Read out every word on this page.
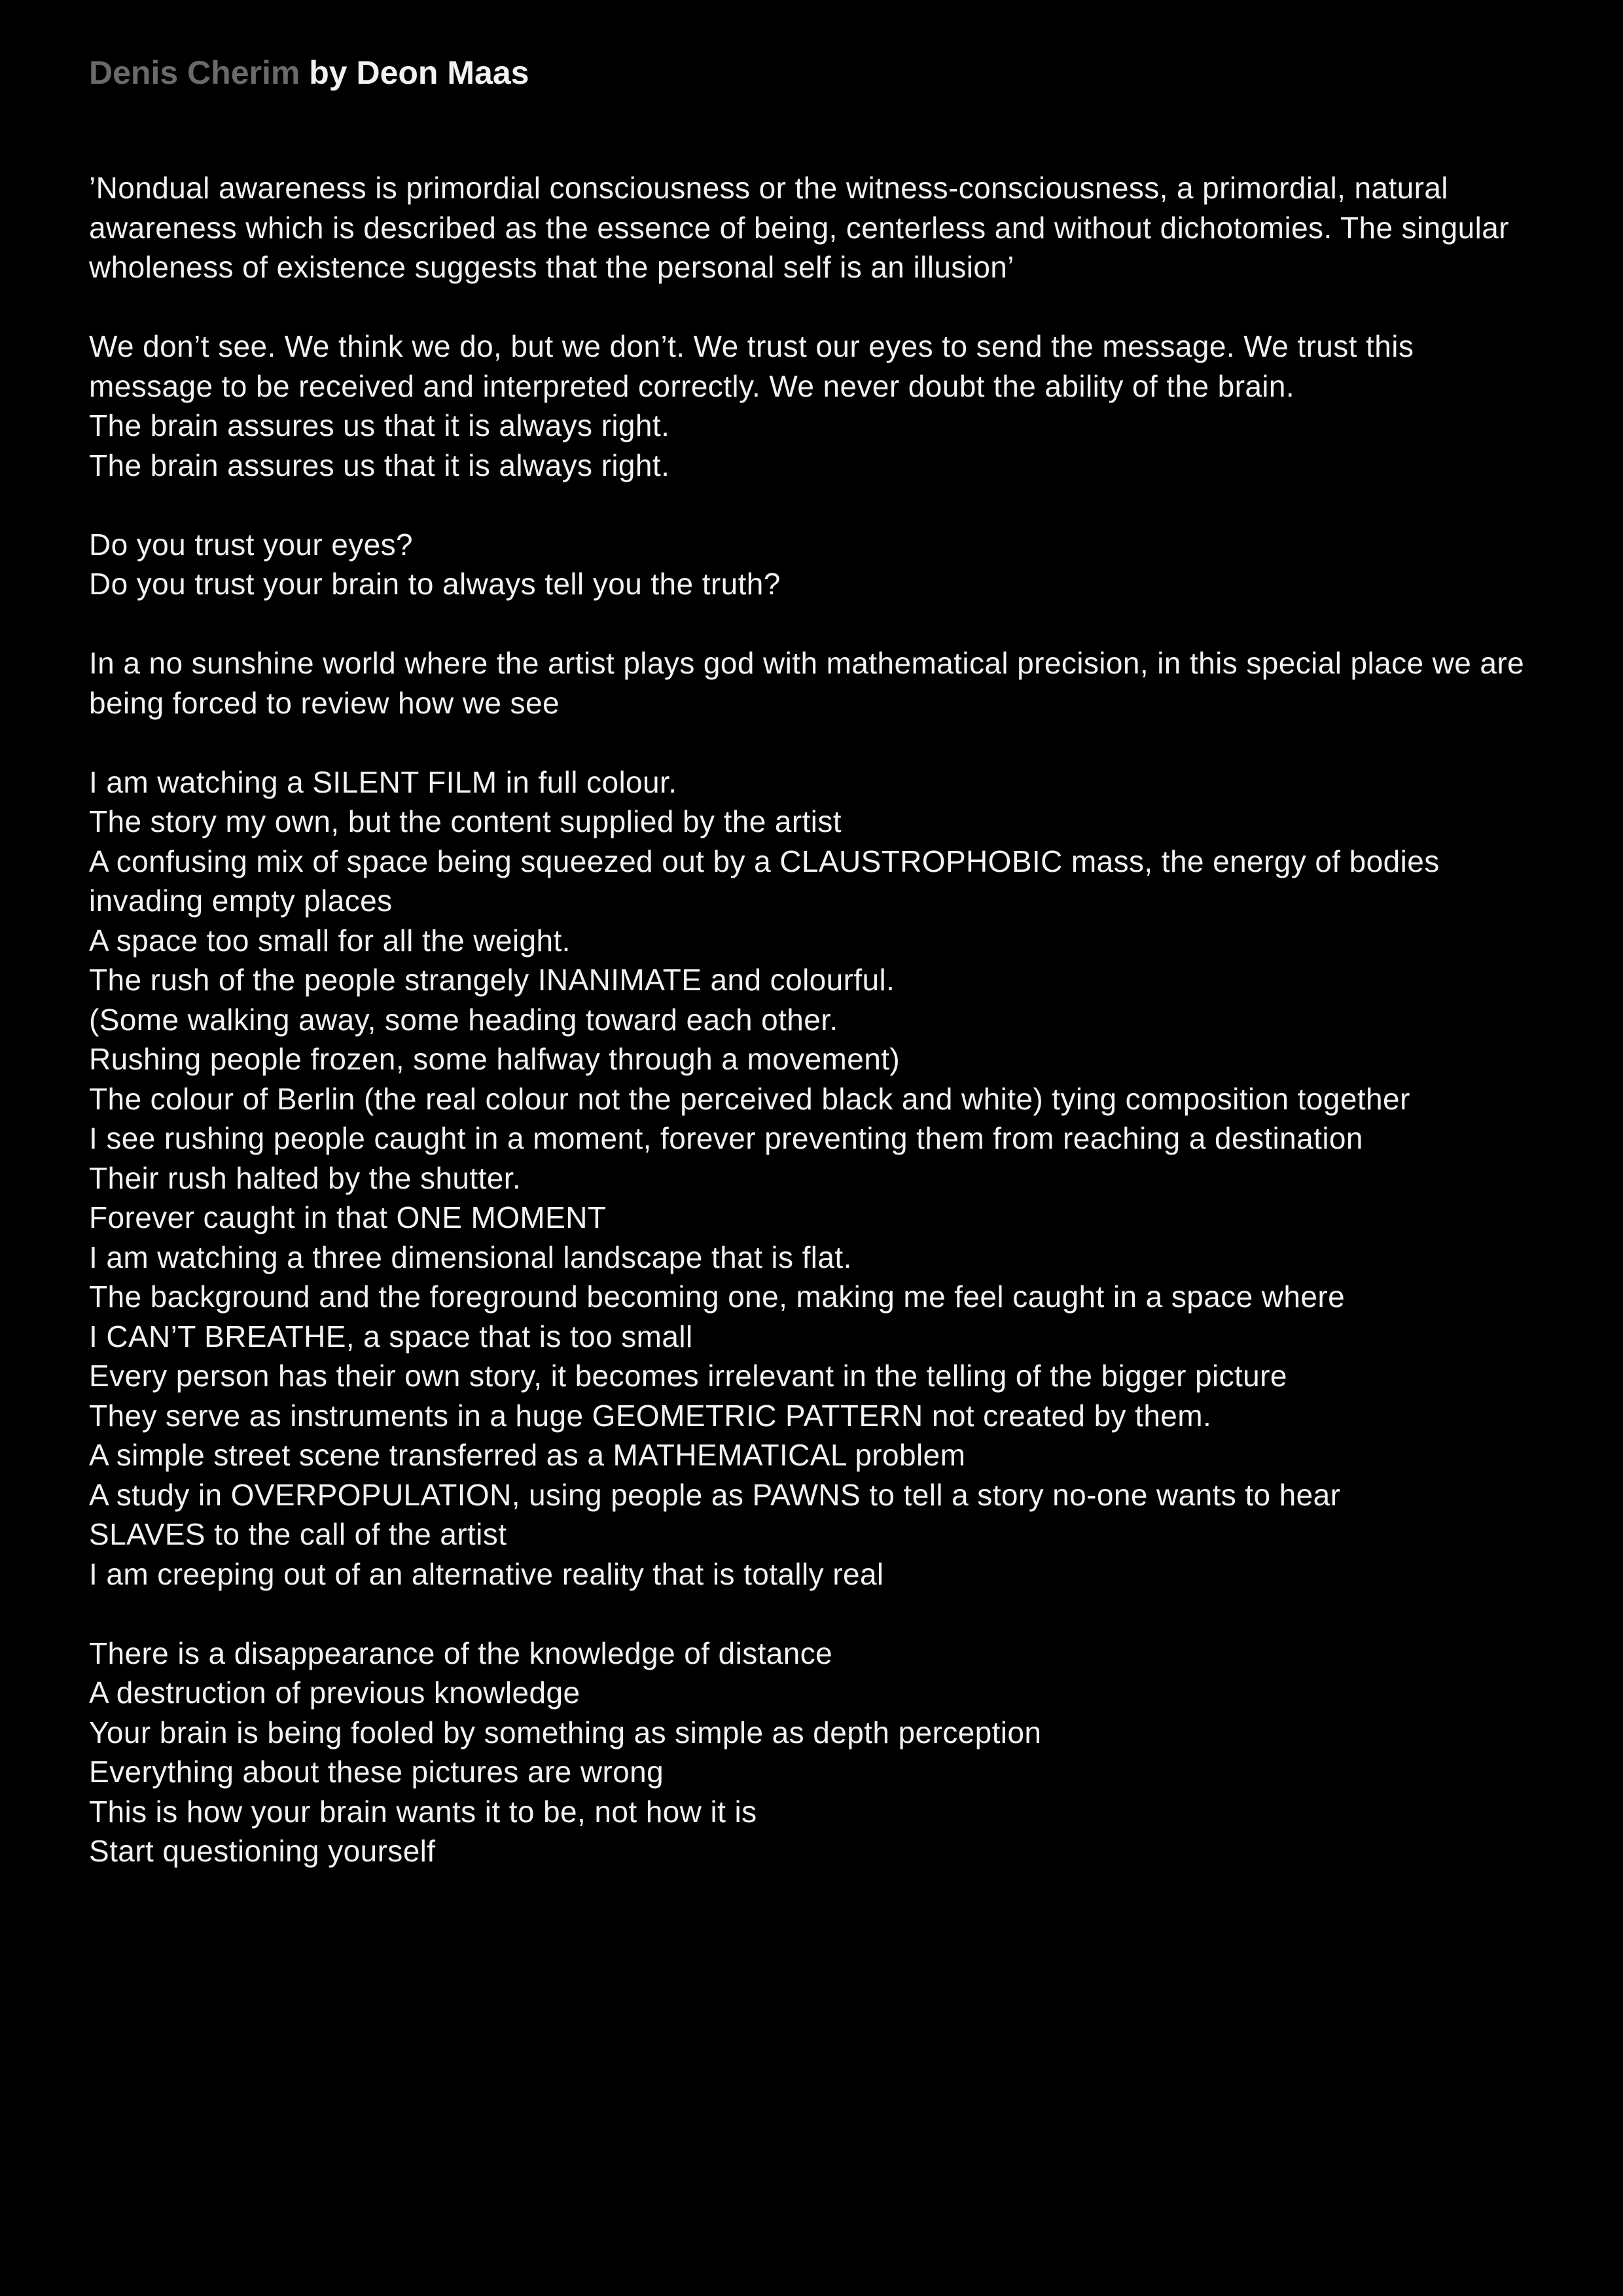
Denis Cherim by Deon Maas

’Nondual awareness is primordial consciousness or the witness-consciousness, a primordial, natural awareness which is described as the essence of being, centerless and without dichotomies. The singular wholeness of existence suggests that the personal self is an illusion’

We don’t see. We think we do, but we don’t. We trust our eyes to send the message. We trust this message to be received and interpreted correctly. We never doubt the ability of the brain.
The brain assures us that it is always right.
The brain assures us that it is always right.

Do you trust your eyes?
Do you trust your brain to always tell you the truth?

In a no sunshine world where the artist plays god with mathematical precision, in this special place we are being forced to review how we see

I am watching a SILENT FILM in full colour.
The story my own, but the content supplied by the artist
A confusing mix of space being squeezed out by a CLAUSTROPHOBIC mass, the energy of bodies invading empty places
A space too small for all the weight.
The rush of the people strangely INANIMATE and colourful.
(Some walking away, some heading toward each other.
Rushing people frozen, some halfway through a movement)
The colour of Berlin (the real colour not the perceived black and white) tying composition together
I see rushing people caught in a moment, forever preventing them from reaching a destination
Their rush halted by the shutter.
Forever caught in that ONE MOMENT
I am watching a three dimensional landscape that is flat.
The background and the foreground becoming one, making me feel caught in a space where
I CAN’T BREATHE, a space that is too small
Every person has their own story, it becomes irrelevant in the telling of the bigger picture
They serve as instruments in a huge GEOMETRIC PATTERN not created by them.
A simple street scene transferred as a MATHEMATICAL problem
A study in OVERPOPULATION, using people as PAWNS to tell a story no-one wants to hear
SLAVES to the call of the artist
I am creeping out of an alternative reality that is totally real

There is a disappearance of the knowledge of distance
A destruction of previous knowledge
Your brain is being fooled by something as simple as depth perception
Everything about these pictures are wrong
This is how your brain wants it to be, not how it is
Start questioning yourself
